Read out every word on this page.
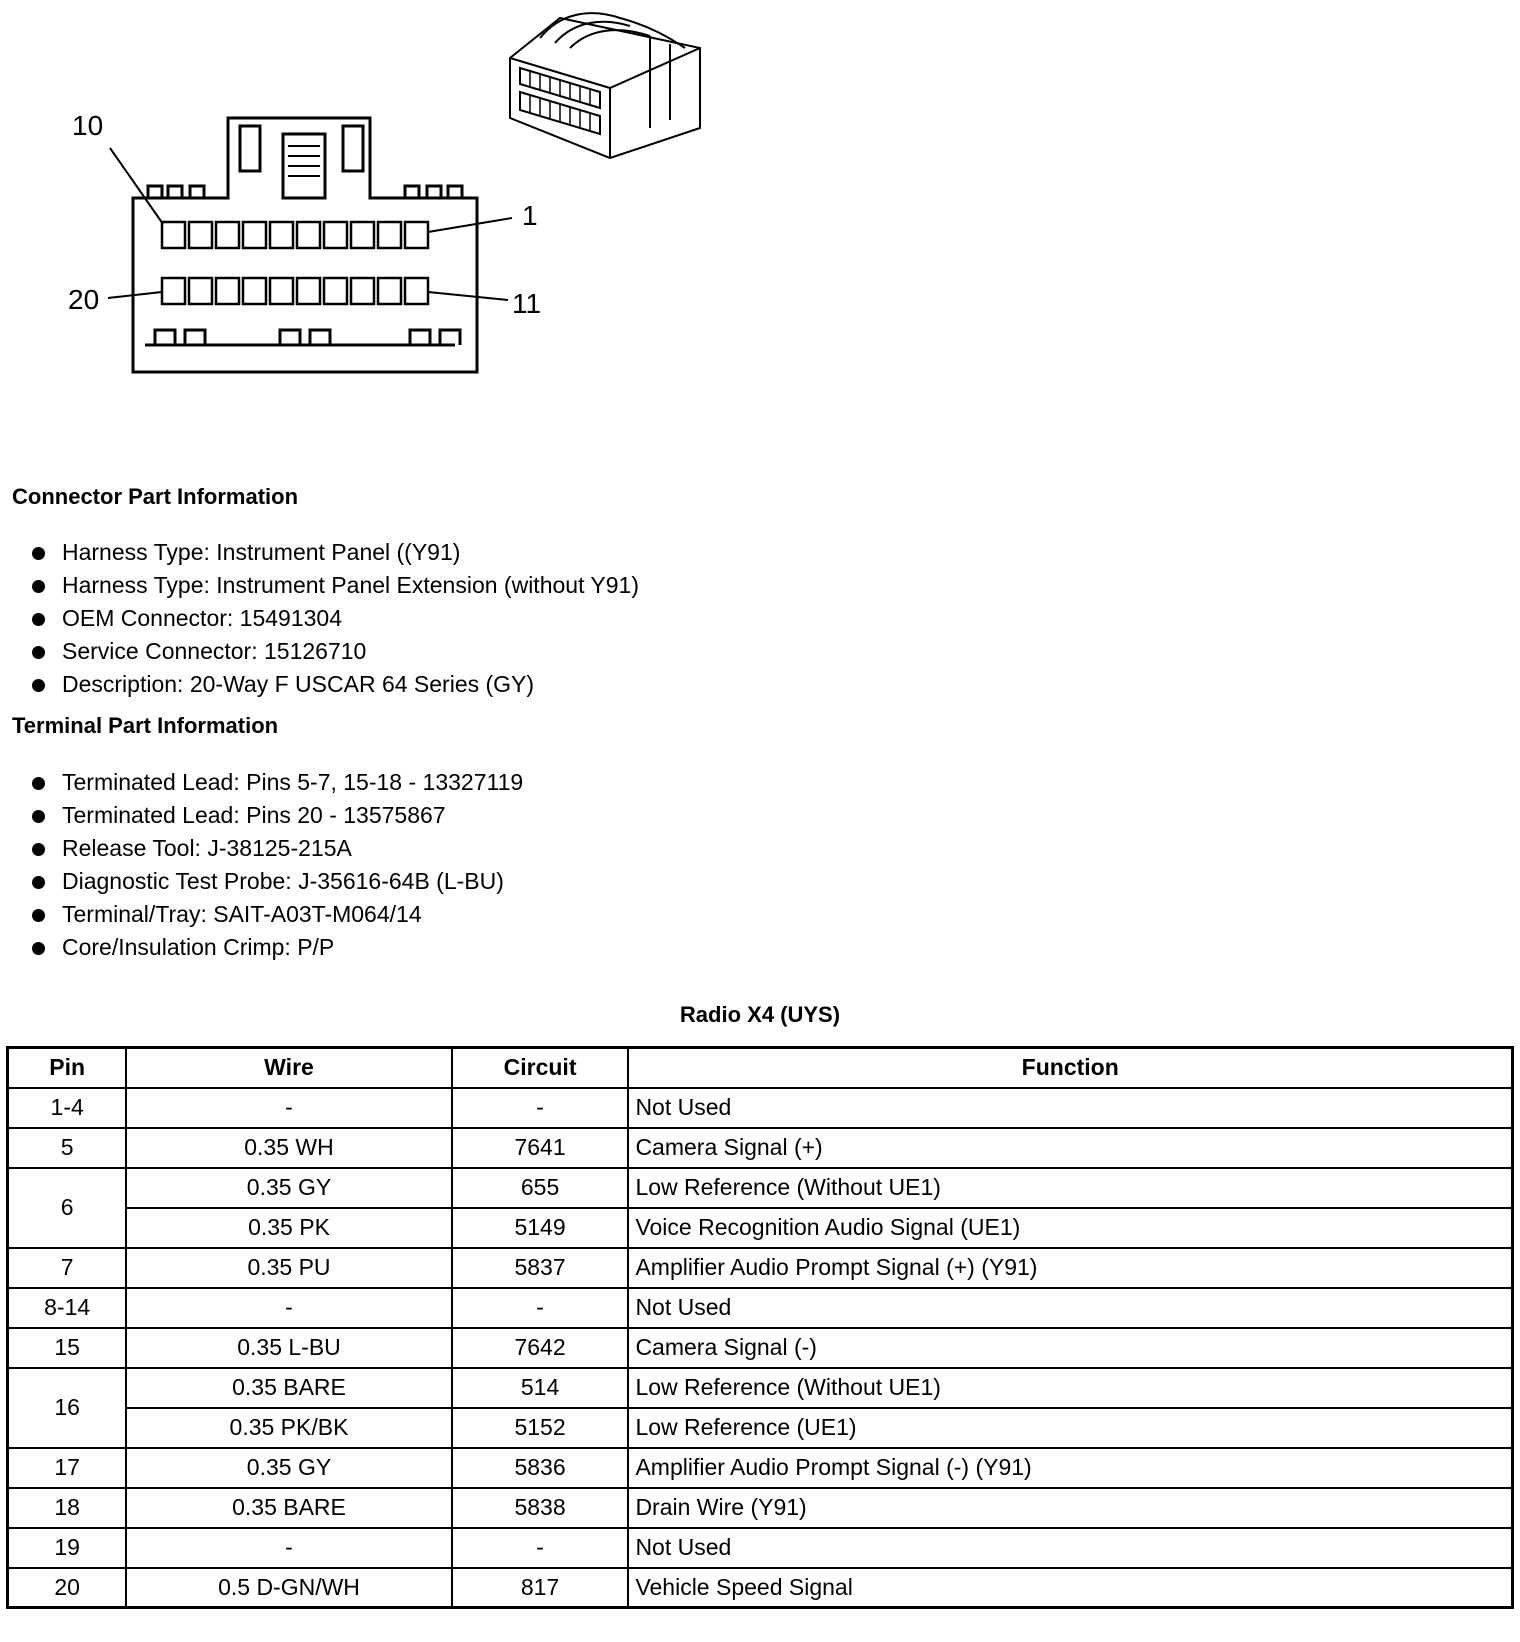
10
1
20	11
Connector Part Information
Harness Type: Instrument Panel ((Y91)
Harness Type: Instrument Panel Extension (without Y91)
OEM Connector: 15491304
Service Connector: 15126710
Description: 20-Way F USCAR 64 Series (GY)
Terminal Part Information
Terminated Lead: Pins 5-7, 15-18 - 13327119
Terminated Lead: Pins 20 - 13575867
Release Tool: J-38125-215A
Diagnostic Test Probe: J-35616-64B (L-BU)
Terminal/Tray: SAIT-A03T-M064/14
Core/Insulation Crimp: P/P
Radio X4 (UYS)
Pin	Wire	Circuit	Function
1-4	-	-	Not Used
5	0.35 WH	7641	Camera Signal (+)
6	0.35 GY	655	Low Reference (Without UE1)
	0.35 PK	5149	Voice Recognition Audio Signal (UE1)
7	0.35 PU	5837	Amplifier Audio Prompt Signal (+) (Y91)
8-14	-	-	Not Used
15	0.35 L-BU	7642	Camera Signal (-)
16	0.35 BARE	514	Low Reference (Without UE1)
	0.35 PK/BK	5152	Low Reference (UE1)
17	0.35 GY	5836	Amplifier Audio Prompt Signal (-) (Y91)
18	0.35 BARE	5838	Drain Wire (Y91)
19	-	-	Not Used
20	0.5 D-GN/WH	817	Vehicle Speed Signal
